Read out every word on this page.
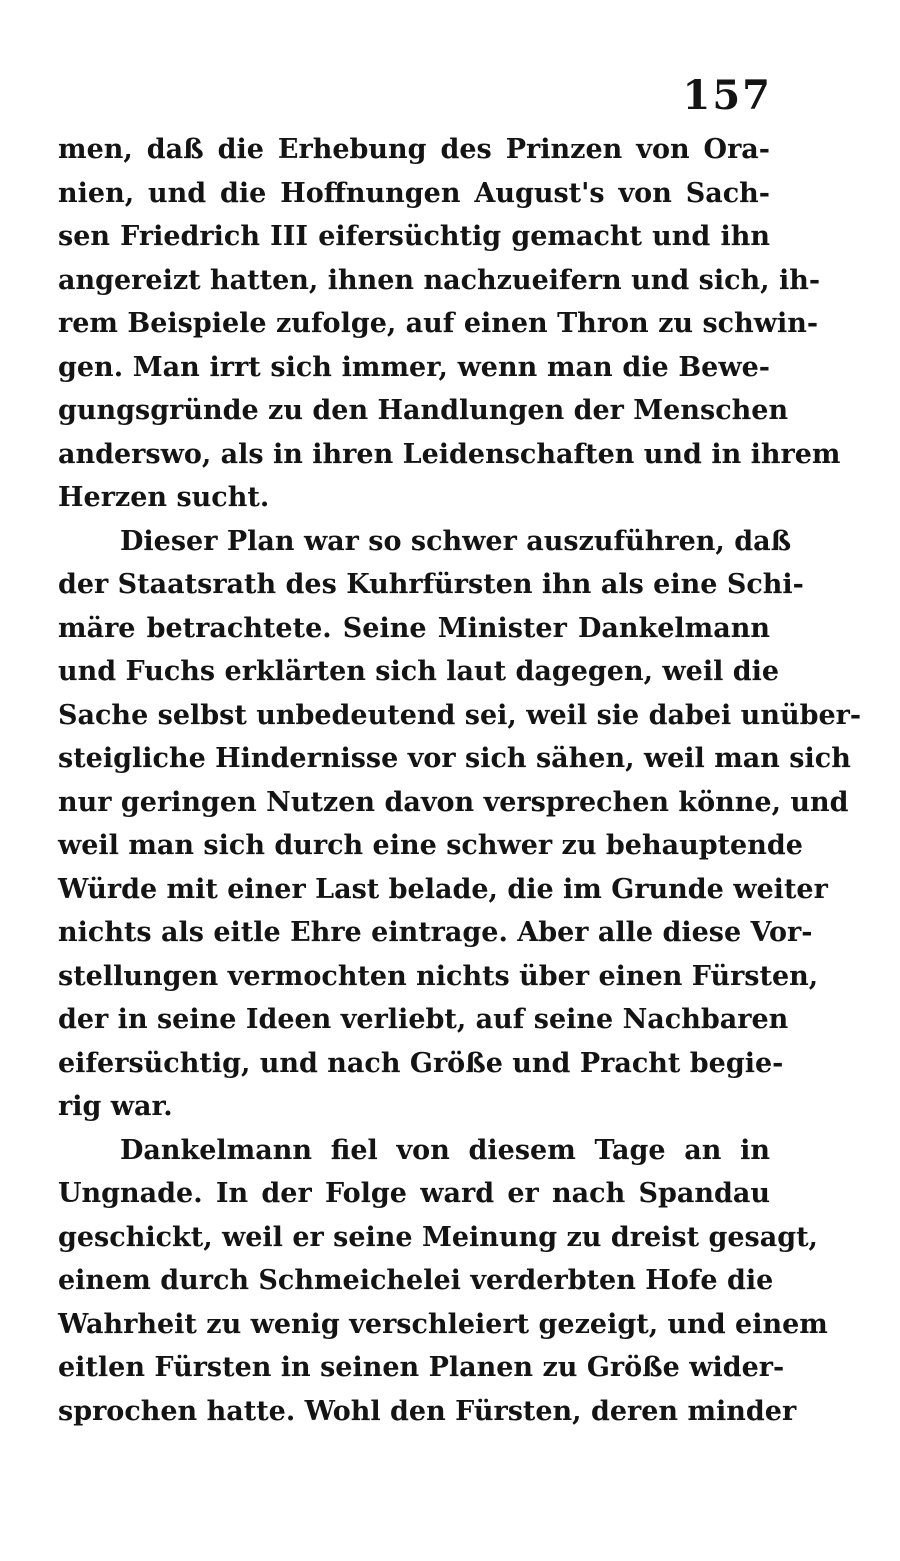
157
men, daß die Erhebung des Prinzen von Ora-
nien, und die Hoffnungen August's von Sach-
sen Friedrich III eifersüchtig gemacht und ihn
angereizt hatten, ihnen nachzueifern und sich, ih-
rem Beispiele zufolge, auf einen Thron zu schwin-
gen. Man irrt sich immer, wenn man die Bewe-
gungsgründe zu den Handlungen der Menschen
anderswo, als in ihren Leidenschaften und in ihrem
Herzen sucht.
Dieser Plan war so schwer auszuführen, daß
der Staatsrath des Kuhrfürsten ihn als eine Schi-
märe betrachtete. Seine Minister Dankelmann
und Fuchs erklärten sich laut dagegen, weil die
Sache selbst unbedeutend sei, weil sie dabei unüber-
steigliche Hindernisse vor sich sähen, weil man sich
nur geringen Nutzen davon versprechen könne, und
weil man sich durch eine schwer zu behauptende
Würde mit einer Last belade, die im Grunde weiter
nichts als eitle Ehre eintrage. Aber alle diese Vor-
stellungen vermochten nichts über einen Fürsten,
der in seine Ideen verliebt, auf seine Nachbaren
eifersüchtig, und nach Größe und Pracht begie-
rig war.
Dankelmann fiel von diesem Tage an in
Ungnade. In der Folge ward er nach Spandau
geschickt, weil er seine Meinung zu dreist gesagt,
einem durch Schmeichelei verderbten Hofe die
Wahrheit zu wenig verschleiert gezeigt, und einem
eitlen Fürsten in seinen Planen zu Größe wider-
sprochen hatte. Wohl den Fürsten, deren minder
